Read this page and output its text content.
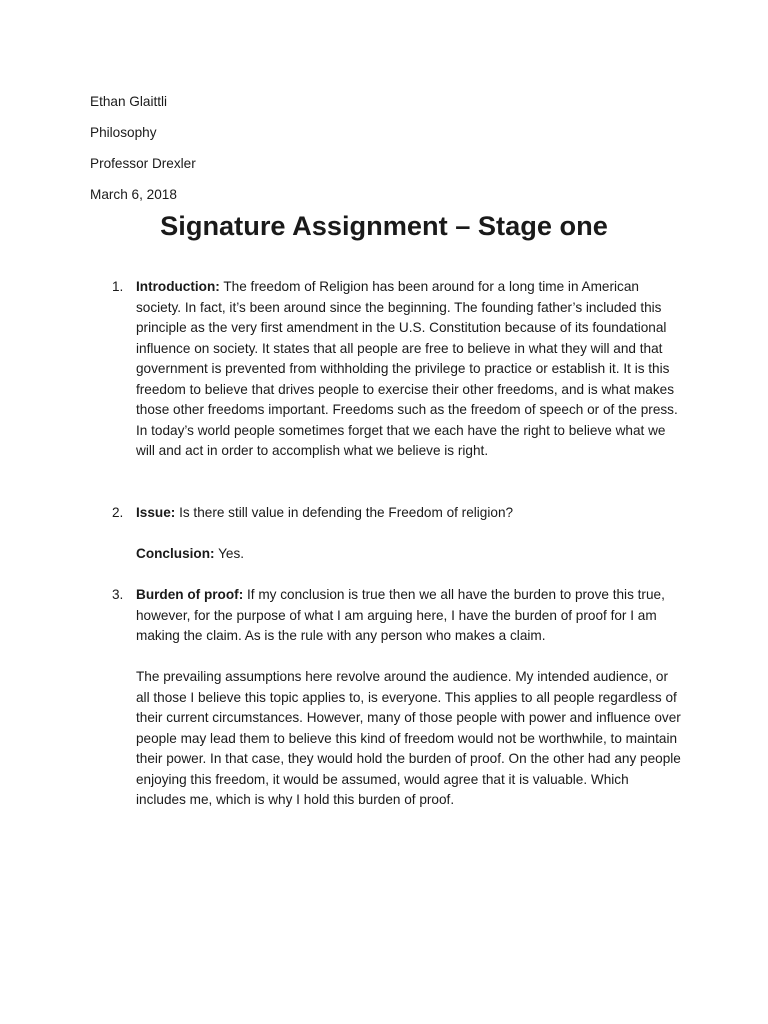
Ethan Glaittli

Philosophy

Professor Drexler

March 6, 2018

Signature Assignment – Stage one
1. Introduction: The freedom of Religion has been around for a long time in American society. In fact, it’s been around since the beginning. The founding father’s included this principle as the very first amendment in the U.S. Constitution because of its foundational influence on society. It states that all people are free to believe in what they will and that government is prevented from withholding the privilege to practice or establish it. It is this freedom to believe that drives people to exercise their other freedoms, and is what makes those other freedoms important. Freedoms such as the freedom of speech or of the press. In today’s world people sometimes forget that we each have the right to believe what we will and act in order to accomplish what we believe is right.

2. Issue: Is there still value in defending the Freedom of religion?

Conclusion: Yes.

3. Burden of proof: If my conclusion is true then we all have the burden to prove this true, however, for the purpose of what I am arguing here, I have the burden of proof for I am making the claim. As is the rule with any person who makes a claim.

The prevailing assumptions here revolve around the audience. My intended audience, or all those I believe this topic applies to, is everyone. This applies to all people regardless of their current circumstances. However, many of those people with power and influence over people may lead them to believe this kind of freedom would not be worthwhile, to maintain their power. In that case, they would hold the burden of proof. On the other had any people enjoying this freedom, it would be assumed, would agree that it is valuable. Which includes me, which is why I hold this burden of proof.
